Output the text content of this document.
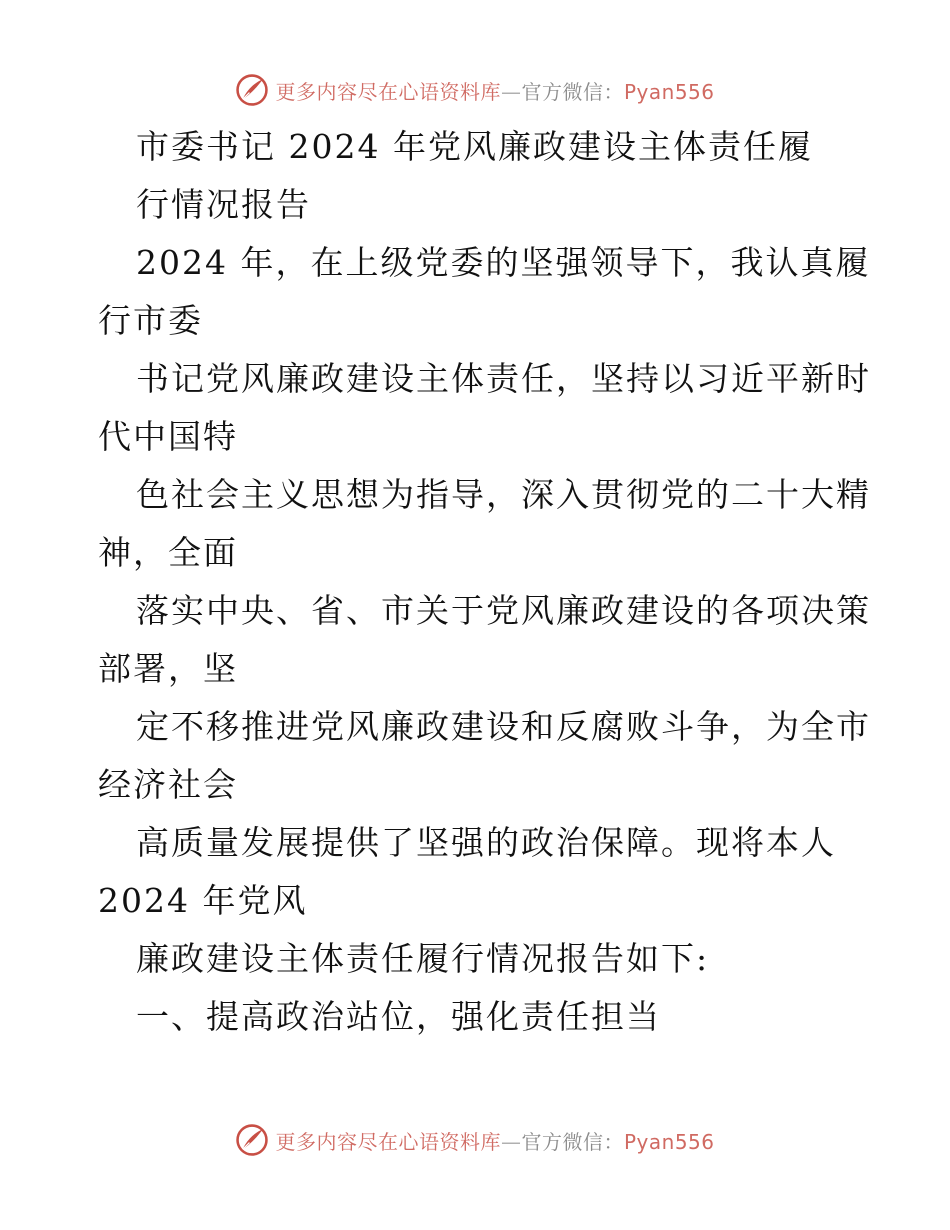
更多内容尽在心语资料库—官方微信：Pyan556
市委书记 2024 年党风廉政建设主体责任履
行情况报告
2024 年，在上级党委的坚强领导下，我认真履
行市委
书记党风廉政建设主体责任，坚持以习近平新时
代中国特
色社会主义思想为指导，深入贯彻党的二十大精
神，全面
落实中央、省、市关于党风廉政建设的各项决策
部署，坚
定不移推进党风廉政建设和反腐败斗争，为全市
经济社会
高质量发展提供了坚强的政治保障。现将本人
2024 年党风
廉政建设主体责任履行情况报告如下:
一、提高政治站位，强化责任担当
更多内容尽在心语资料库—官方微信：Pyan556
